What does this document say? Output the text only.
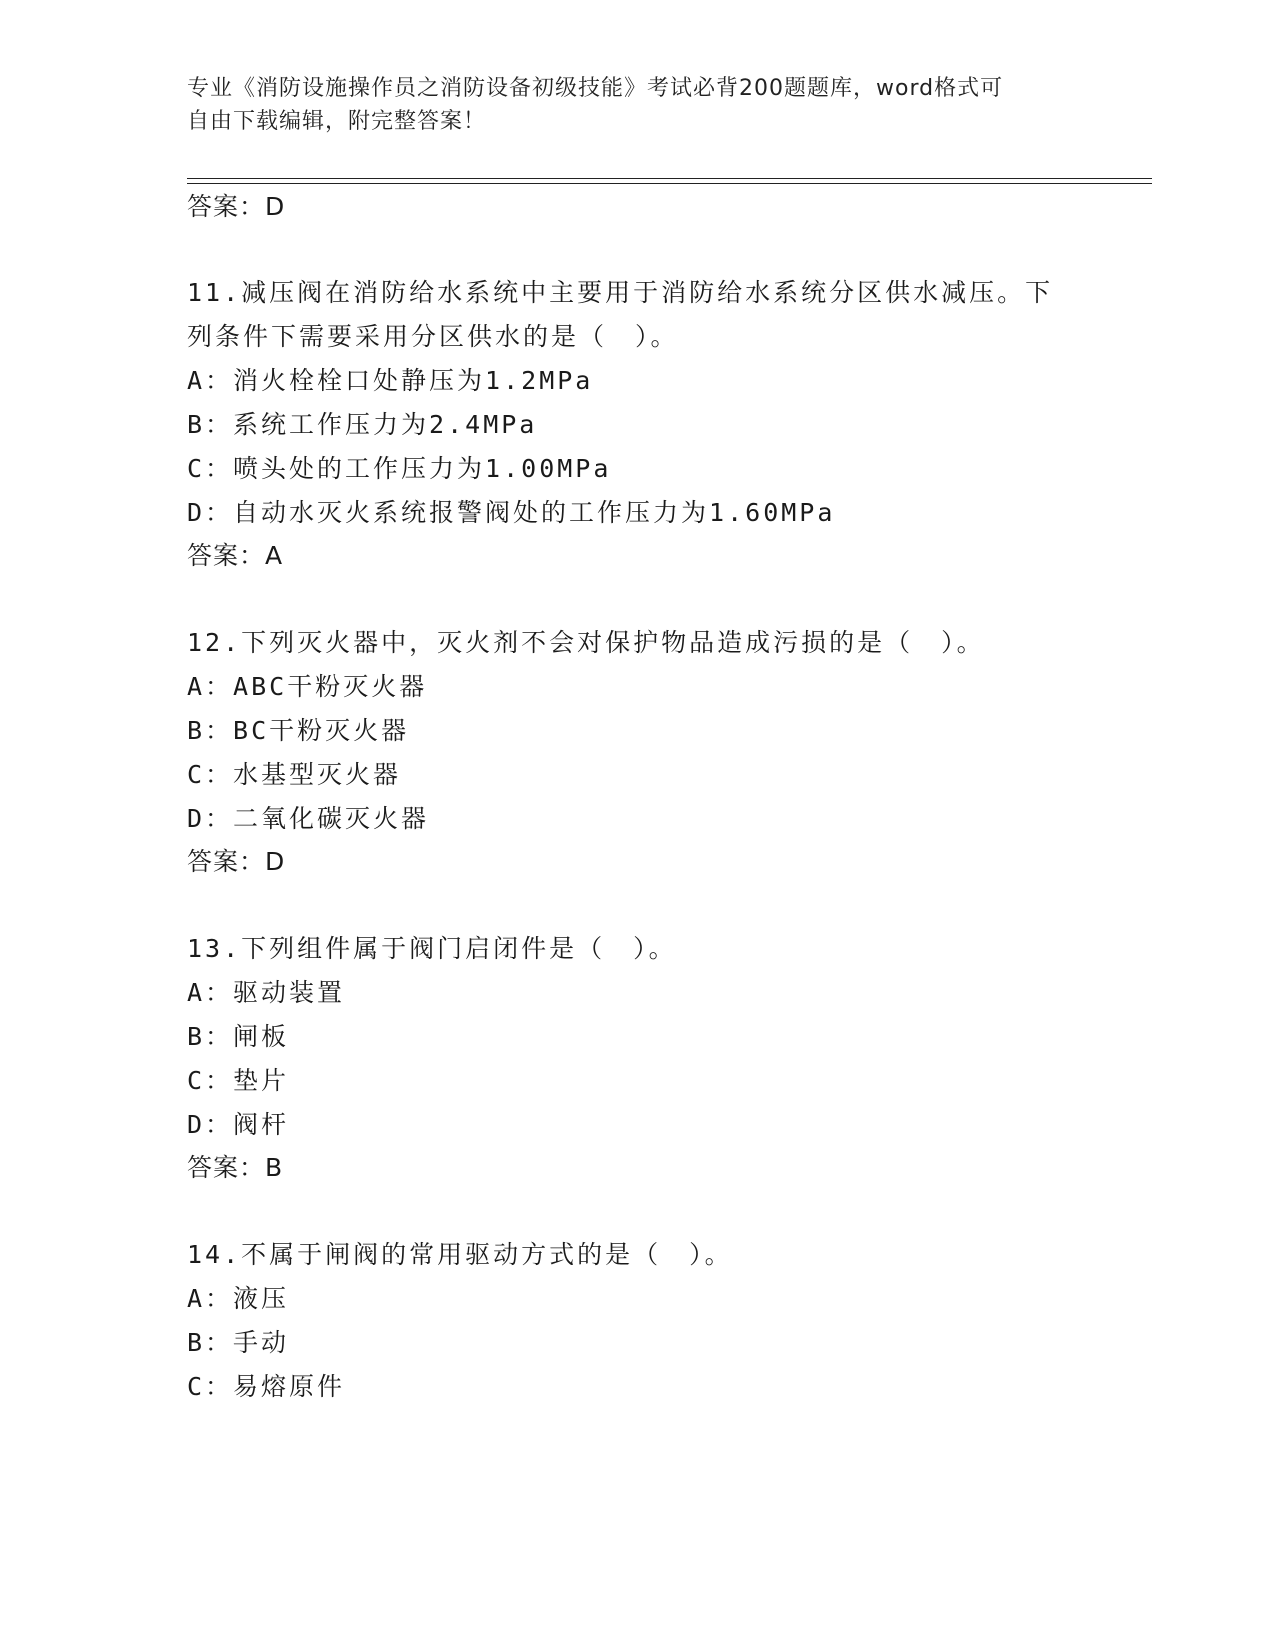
专业《消防设施操作员之消防设备初级技能》考试必背200题题库，word格式可
自由下载编辑，附完整答案！
答案：D
11.减压阀在消防给水系统中主要用于消防给水系统分区供水减压。下
列条件下需要采用分区供水的是（　）。
A：消火栓栓口处静压为1.2MPa
B：系统工作压力为2.4MPa
C：喷头处的工作压力为1.00MPa
D：自动水灭火系统报警阀处的工作压力为1.60MPa
答案：A
12.下列灭火器中，灭火剂不会对保护物品造成污损的是（　）。
A：ABC干粉灭火器
B：BC干粉灭火器
C：水基型灭火器
D：二氧化碳灭火器
答案：D
13.下列组件属于阀门启闭件是（　）。
A：驱动装置
B：闸板
C：垫片
D：阀杆
答案：B
14.不属于闸阀的常用驱动方式的是（　）。
A：液压
B：手动
C：易熔原件
